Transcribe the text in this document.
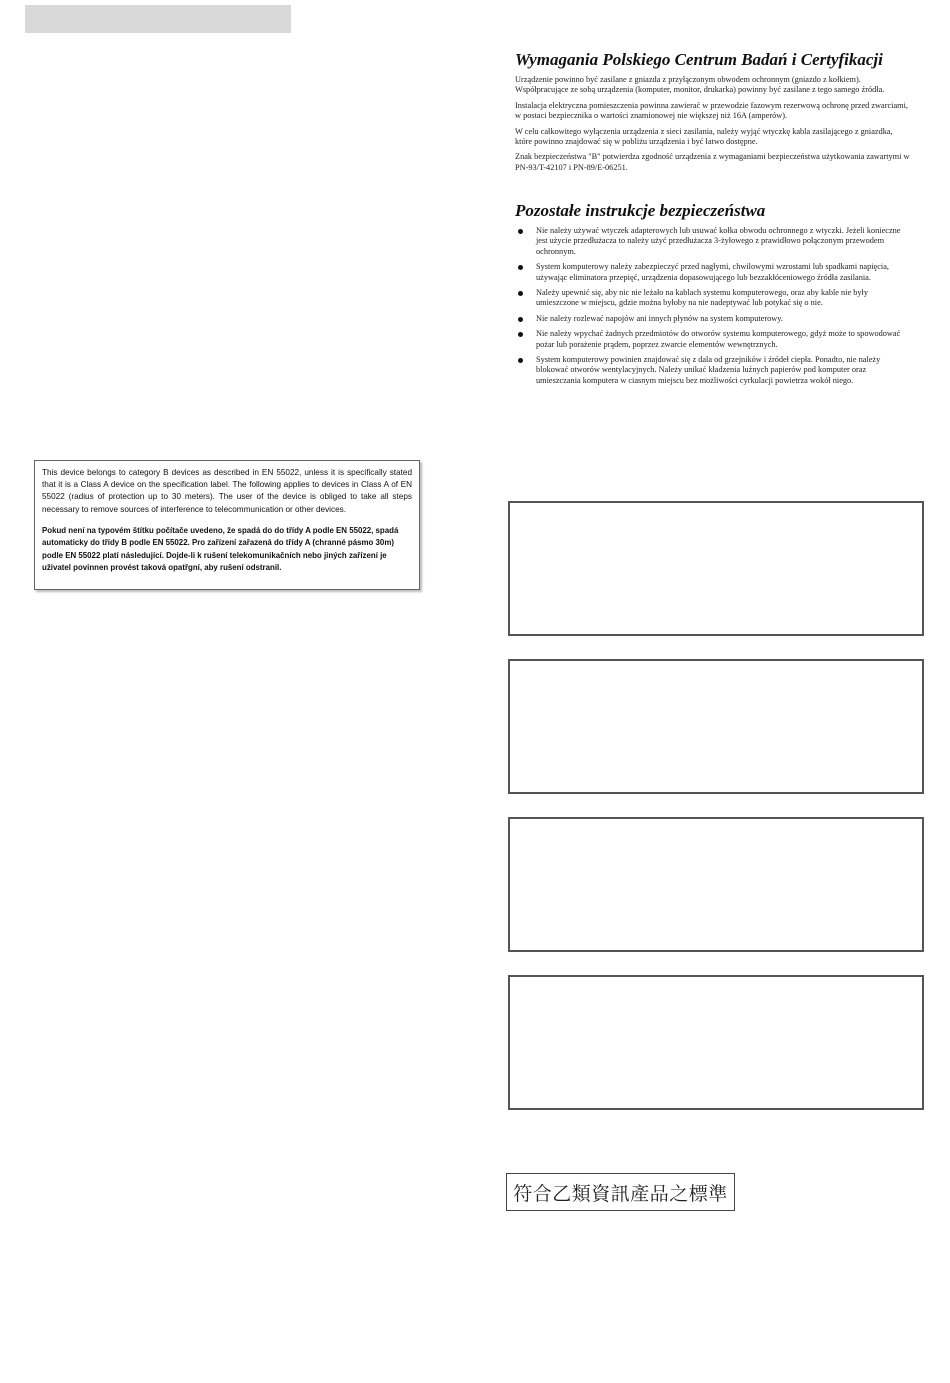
Wymagania Polskiego Centrum Badań i Certyfikacji

Urządzenie powinno być zasilane z gniazda z przyłączonym obwodem ochronnym (gniazdo z kołkiem). Współpracujące ze sobą urządzenia (komputer, monitor, drukarka) powinny być zasilane z tego samego źródła.

Instalacja elektryczna pomieszczenia powinna zawierać w przewodzie fazowym rezerwową ochronę przed zwarciami, w postaci bezpiecznika o wartości znamionowej nie większej niż 16A (amperów).

W celu całkowitego wyłączenia urządzenia z sieci zasilania, należy wyjąć wtyczkę kabla zasilającego z gniazdka, które powinno znajdować się w pobliżu urządzenia i być łatwo dostępne.

Znak bezpieczeństwa "B" potwierdza zgodność urządzenia z wymaganiami bezpieczeństwa użytkowania zawartymi w PN-93/T-42107 i PN-89/E-06251.

Pozostałe instrukcje bezpieczeństwa
Nie należy używać wtyczek adapterowych lub usuwać kołka obwodu ochronnego z wtyczki. Jeżeli konieczne jest użycie przedłużacza to należy użyć przedłużacza 3-żyłowego z prawidłowo połączonym przewodem ochronnym.
System komputerowy należy zabezpieczyć przed nagłymi, chwilowymi wzrostami lub spadkami napięcia, używając eliminatora przepięć, urządzenia dopasowującego lub bezzakłóceniowego źródła zasilania.
Należy upewnić się, aby nic nie leżało na kablach systemu komputerowego, oraz aby kable nie były umieszczone w miejscu, gdzie można byłoby na nie nadeptywać lub potykać się o nie.
Nie należy rozlewać napojów ani innych płynów na system komputerowy.
Nie należy wpychać żadnych przedmiotów do otworów systemu komputerowego, gdyż może to spowodować pożar lub porażenie prądem, poprzez zwarcie elementów wewnętrznych.
System komputerowy powinien znajdować się z dala od grzejników i źródeł ciepła. Ponadto, nie należy blokować otworów wentylacyjnych. Należy unikać kładzenia luźnych papierów pod komputer oraz umieszczania komputera w ciasnym miejscu bez możliwości cyrkulacji powietrza wokół niego.

This device belongs to category B devices as described in EN 55022, unless it is specifically stated that it is a Class A device on the specification label. The following applies to devices in Class A of EN 55022 (radius of protection up to 30 meters). The user of the device is obliged to take all steps necessary to remove sources of interference to telecommunication or other devices.

Pokud není na typovém štítku počítače uvedeno, že spadá do do třídy A podle EN 55022, spadá automaticky do třídy B podle EN 55022. Pro zařízení zařazená do třídy A (chranné pásmo 30m) podle EN 55022 platí následující. Dojde-li k rušení telekomunikačních nebo jiných zařízení je uživatel povinnen provést taková opatřgní, aby rušení odstranil.

符合乙類資訊產品之標準
